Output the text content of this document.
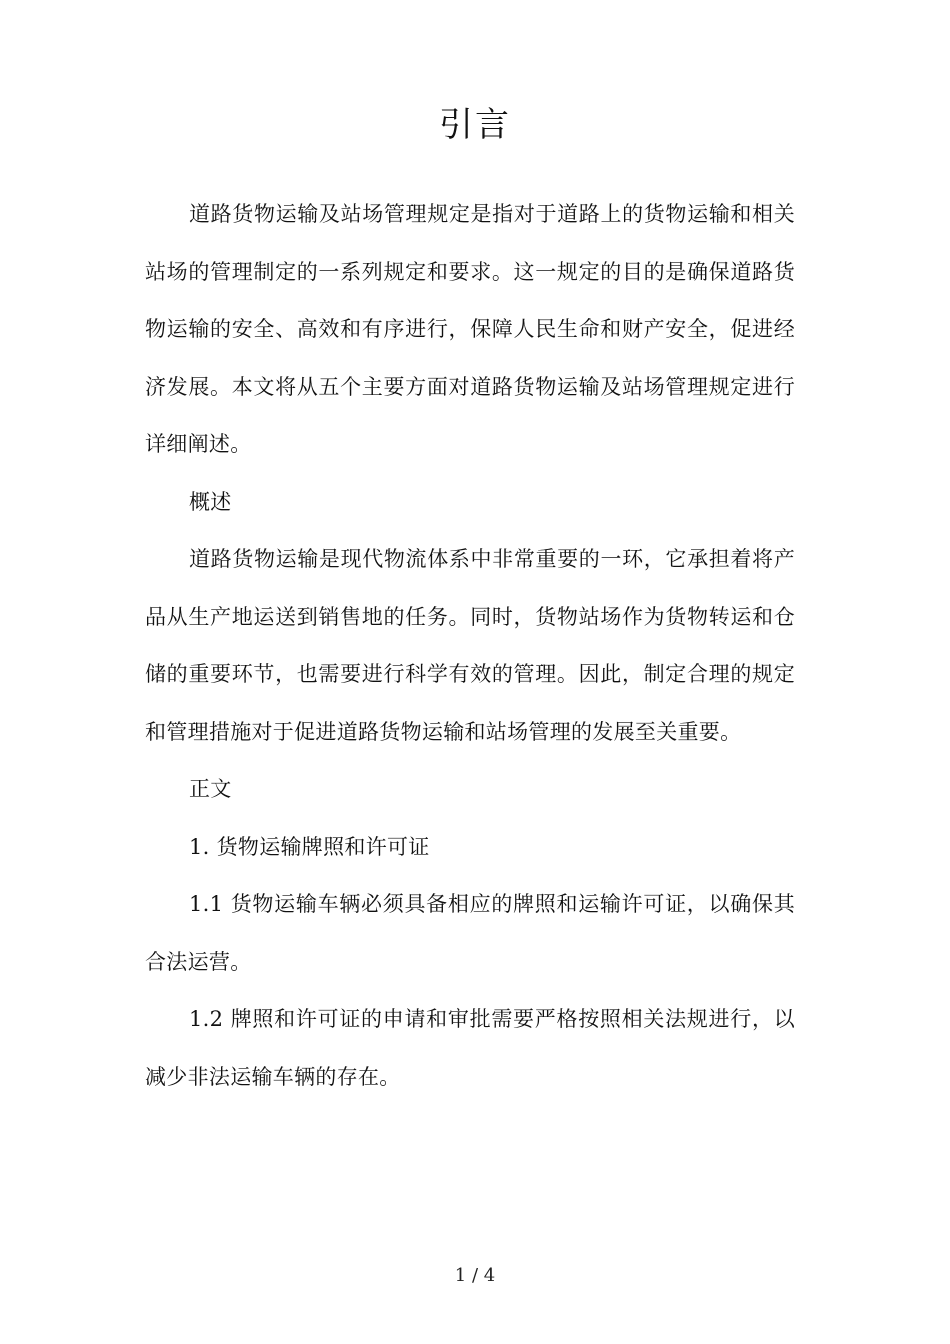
引言

道路货物运输及站场管理规定是指对于道路上的货物运输和相关站场的管理制定的一系列规定和要求。这一规定的目的是确保道路货物运输的安全、高效和有序进行，保障人民生命和财产安全，促进经济发展。本文将从五个主要方面对道路货物运输及站场管理规定进行详细阐述。

概述

道路货物运输是现代物流体系中非常重要的一环，它承担着将产品从生产地运送到销售地的任务。同时，货物站场作为货物转运和仓储的重要环节，也需要进行科学有效的管理。因此，制定合理的规定和管理措施对于促进道路货物运输和站场管理的发展至关重要。

正文

1. 货物运输牌照和许可证

1.1 货物运输车辆必须具备相应的牌照和运输许可证，以确保其合法运营。

1.2 牌照和许可证的申请和审批需要严格按照相关法规进行，以减少非法运输车辆的存在。

1 / 4
